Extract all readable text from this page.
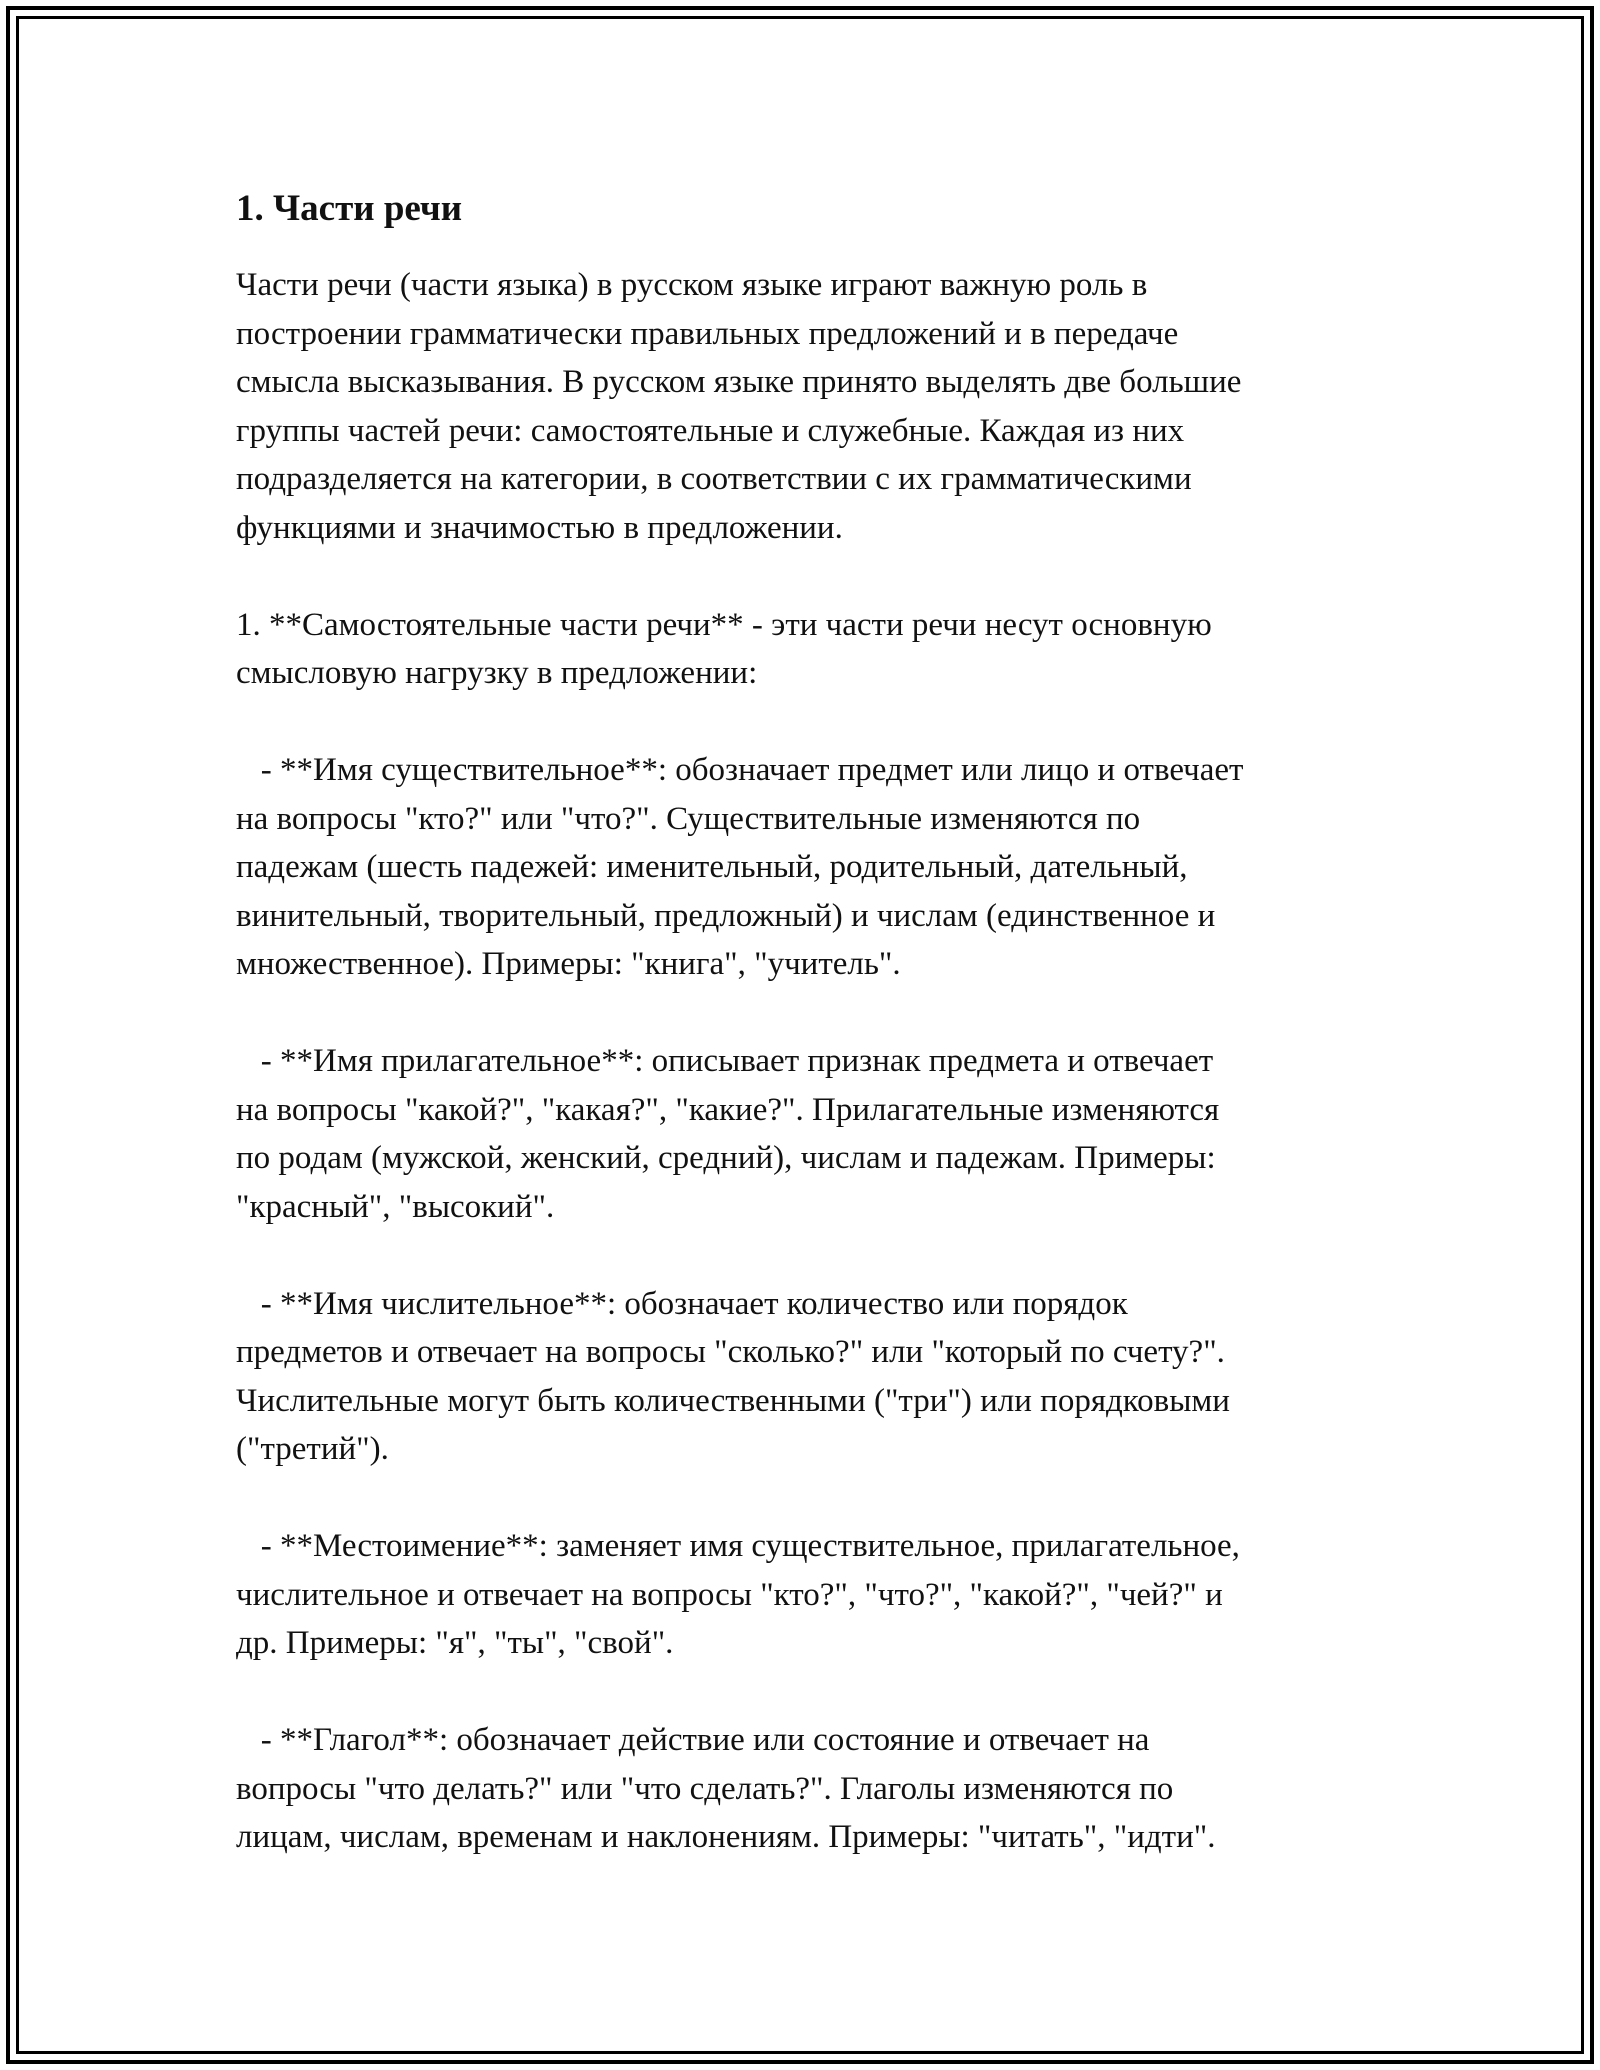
1. Части речи
Части речи (части языка) в русском языке играют важную роль в
построении грамматически правильных предложений и в передаче
смысла высказывания. В русском языке принято выделять две большие
группы частей речи: самостоятельные и служебные. Каждая из них
подразделяется на категории, в соответствии с их грамматическими
функциями и значимостью в предложении.
1. **Самостоятельные части речи** - эти части речи несут основную
смысловую нагрузку в предложении:
- **Имя существительное**: обозначает предмет или лицо и отвечает
на вопросы "кто?" или "что?". Существительные изменяются по
падежам (шесть падежей: именительный, родительный, дательный,
винительный, творительный, предложный) и числам (единственное и
множественное). Примеры: "книга", "учитель".
- **Имя прилагательное**: описывает признак предмета и отвечает
на вопросы "какой?", "какая?", "какие?". Прилагательные изменяются
по родам (мужской, женский, средний), числам и падежам. Примеры:
"красный", "высокий".
- **Имя числительное**: обозначает количество или порядок
предметов и отвечает на вопросы "сколько?" или "который по счету?".
Числительные могут быть количественными ("три") или порядковыми
("третий").
- **Местоимение**: заменяет имя существительное, прилагательное,
числительное и отвечает на вопросы "кто?", "что?", "какой?", "чей?" и
др. Примеры: "я", "ты", "свой".
- **Глагол**: обозначает действие или состояние и отвечает на
вопросы "что делать?" или "что сделать?". Глаголы изменяются по
лицам, числам, временам и наклонениям. Примеры: "читать", "идти".
